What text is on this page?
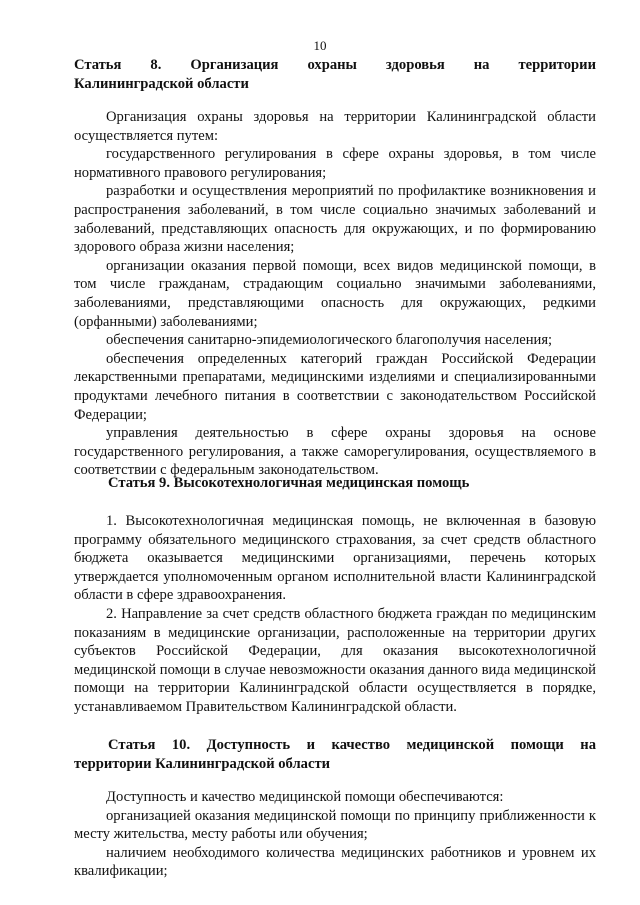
10
Статья 8. Организация охраны здоровья на территории
Калининградской области

Организация охраны здоровья на территории Калининградской области осуществляется путем:

государственного регулирования в сфере охраны здоровья, в том числе нормативного правового регулирования;

разработки и осуществления мероприятий по профилактике возникновения и распространения заболеваний, в том числе социально значимых заболеваний и заболеваний, представляющих опасность для окружающих, и по формированию здорового образа жизни населения;

организации оказания первой помощи, всех видов медицинской помощи, в том числе гражданам, страдающим социально значимыми заболеваниями, заболеваниями, представляющими опасность для окружающих, редкими (орфанными) заболеваниями;

обеспечения санитарно-эпидемиологического благополучия населения;

обеспечения определенных категорий граждан Российской Федерации лекарственными препаратами, медицинскими изделиями и специализированными продуктами лечебного питания в соответствии с законодательством Российской Федерации;

управления деятельностью в сфере охраны здоровья на основе государственного регулирования, а также саморегулирования, осуществляемого в соответствии с федеральным законодательством.

Статья 9. Высокотехнологичная медицинская помощь

1. Высокотехнологичная медицинская помощь, не включенная в базовую программу обязательного медицинского страхования, за счет средств областного бюджета оказывается медицинскими организациями, перечень которых утверждается уполномоченным органом исполнительной власти Калининградской области в сфере здравоохранения.

2. Направление за счет средств областного бюджета граждан по медицинским показаниям в медицинские организации, расположенные на территории других субъектов Российской Федерации, для оказания высокотехнологичной медицинской помощи в случае невозможности оказания данного вида медицинской помощи на территории Калининградской области осуществляется в порядке, устанавливаемом Правительством Калининградской области.

Статья 10. Доступность и качество медицинской помощи на
территории Калининградской области

Доступность и качество медицинской помощи обеспечиваются:

организацией оказания медицинской помощи по принципу приближенности к месту жительства, месту работы или обучения;

наличием необходимого количества медицинских работников и уровнем их квалификации;
